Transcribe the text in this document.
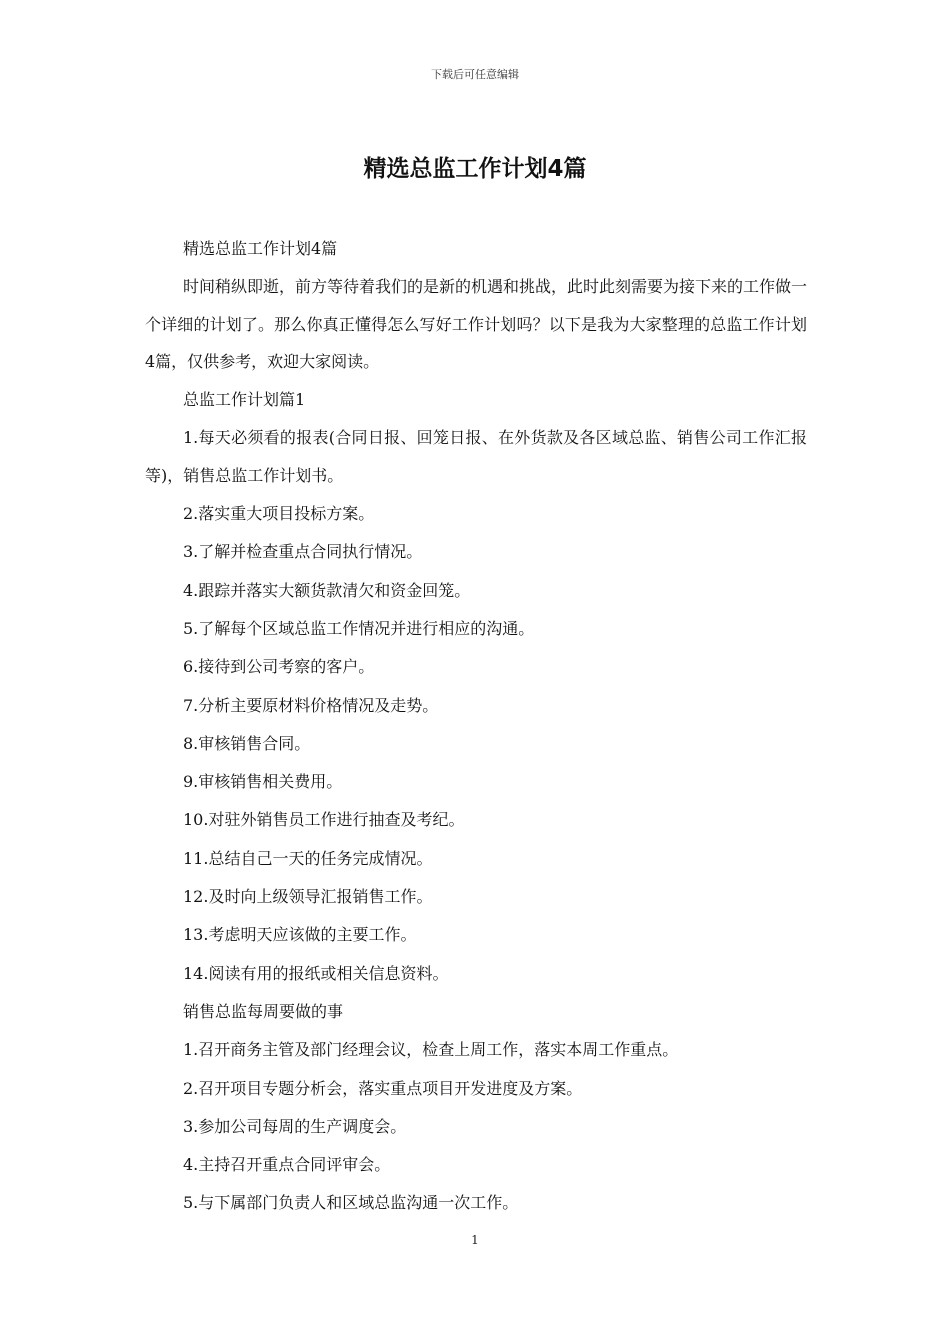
下载后可任意编辑
精选总监工作计划4篇

精选总监工作计划4篇

时间稍纵即逝，前方等待着我们的是新的机遇和挑战，此时此刻需要为接下来的工作做一个详细的计划了。那么你真正懂得怎么写好工作计划吗？以下是我为大家整理的总监工作计划4篇，仅供参考，欢迎大家阅读。

总监工作计划篇1

1.每天必须看的报表(合同日报、回笼日报、在外货款及各区域总监、销售公司工作汇报等)，销售总监工作计划书。

2.落实重大项目投标方案。

3.了解并检查重点合同执行情况。

4.跟踪并落实大额货款清欠和资金回笼。

5.了解每个区域总监工作情况并进行相应的沟通。

6.接待到公司考察的客户。

7.分析主要原材料价格情况及走势。

8.审核销售合同。

9.审核销售相关费用。

10.对驻外销售员工作进行抽查及考纪。

11.总结自己一天的任务完成情况。

12.及时向上级领导汇报销售工作。

13.考虑明天应该做的主要工作。

14.阅读有用的报纸或相关信息资料。

销售总监每周要做的事

1.召开商务主管及部门经理会议，检查上周工作，落实本周工作重点。

2.召开项目专题分析会，落实重点项目开发进度及方案。

3.参加公司每周的生产调度会。

4.主持召开重点合同评审会。

5.与下属部门负责人和区域总监沟通一次工作。

1
